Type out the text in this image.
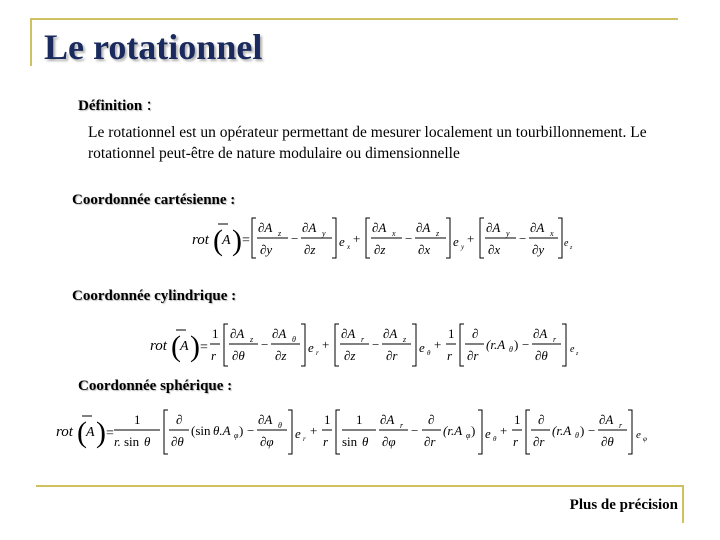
Le rotationnel
Définition :
Le rotationnel est un opérateur permettant de mesurer localement un tourbillonnement. Le rotationnel peut-être de nature modulaire ou dimensionnelle
Coordonnée cartésienne :
rot ( A ) =
∂A z
∂y
−
∂A y
∂z
e x
+
∂A x
∂z
−
∂A z
∂x
e y
+
∂A y
∂x
−
∂A x
∂y e z
Coordonnée cylindrique :
rot ( A ) =
1
r
∂A z
∂θ
−
∂A θ
∂z
e r
+
∂A r
∂z
−
∂A z
∂r
e θ
+
1
r
∂
∂r
(r.A θ ) −
∂A r
∂θ e z
Coordonnée sphérique :
rot ( A ) =
1
r. sin θ
∂
∂θ
(sin θ.A φ ) −
∂A θ
∂φ
e r
+
1
r
1
sin θ
∂A r
∂φ
−
∂
∂r
(r.A φ ) e θ
+
1
r
∂
∂r
(r.A θ ) −
∂A r
∂θ e φ
Plus de précision
